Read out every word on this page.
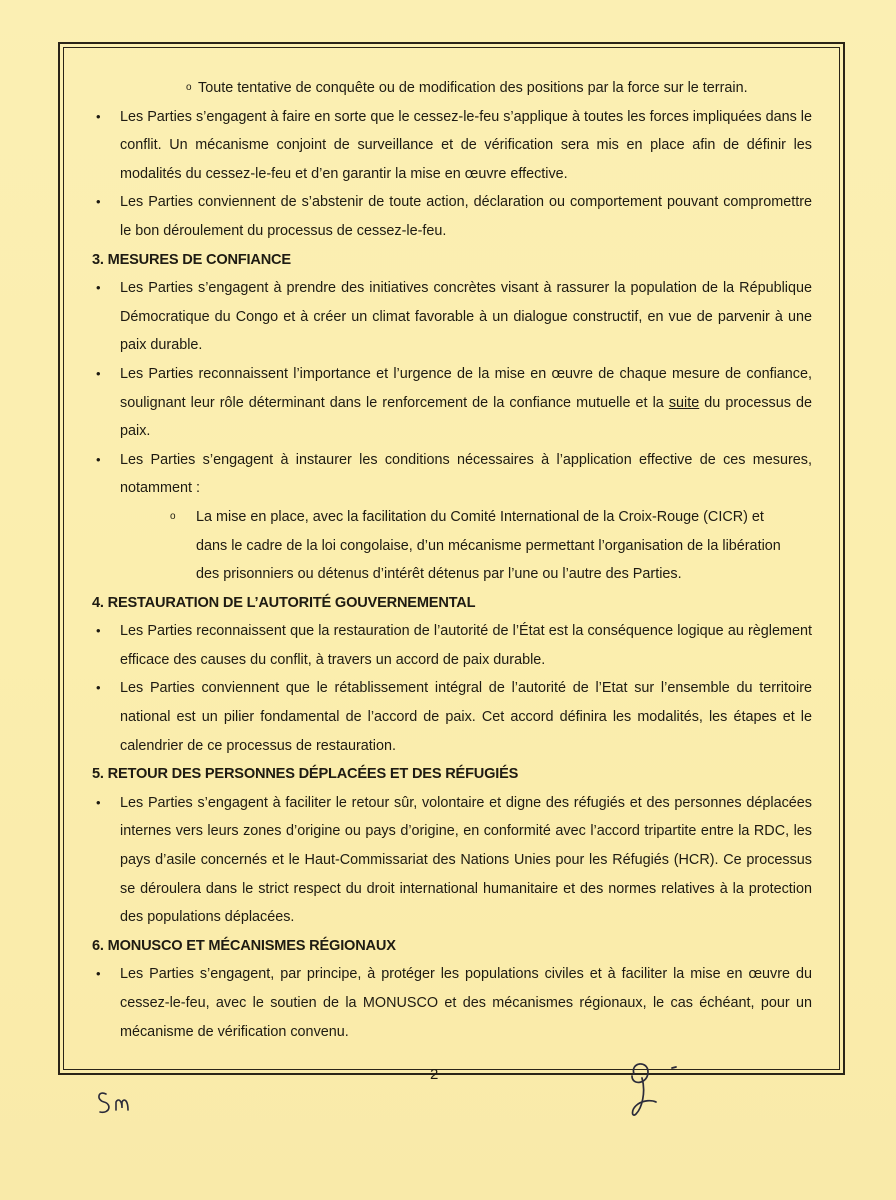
o Toute tentative de conquête ou de modification des positions par la force sur le terrain.
• Les Parties s’engagent à faire en sorte que le cessez-le-feu s’applique à toutes les forces impliquées dans le conflit. Un mécanisme conjoint de surveillance et de vérification sera mis en place afin de définir les modalités du cessez-le-feu et d’en garantir la mise en œuvre effective.
• Les Parties conviennent de s’abstenir de toute action, déclaration ou comportement pouvant compromettre le bon déroulement du processus de cessez-le-feu.
3. MESURES DE CONFIANCE
• Les Parties s’engagent à prendre des initiatives concrètes visant à rassurer la population de la République Démocratique du Congo et à créer un climat favorable à un dialogue constructif, en vue de parvenir à une paix durable.
• Les Parties reconnaissent l’importance et l’urgence de la mise en œuvre de chaque mesure de confiance, soulignant leur rôle déterminant dans le renforcement de la confiance mutuelle et la suite du processus de paix.
• Les Parties s’engagent à instaurer les conditions nécessaires à l’application effective de ces mesures, notamment :
o La mise en place, avec la facilitation du Comité International de la Croix-Rouge (CICR) et dans le cadre de la loi congolaise, d’un mécanisme permettant l’organisation de la libération des prisonniers ou détenus d’intérêt détenus par l’une ou l’autre des Parties.
4. RESTAURATION DE L’AUTORITÉ GOUVERNEMENTAL
• Les Parties reconnaissent que la restauration de l’autorité de l’État est la conséquence logique au règlement efficace des causes du conflit, à travers un accord de paix durable.
• Les Parties conviennent que le rétablissement intégral de l’autorité de l’Etat sur l’ensemble du territoire national est un pilier fondamental de l’accord de paix. Cet accord définira les modalités, les étapes et le calendrier de ce processus de restauration.
5. RETOUR DES PERSONNES DÉPLACÉES ET DES RÉFUGIÉS
• Les Parties s’engagent à faciliter le retour sûr, volontaire et digne des réfugiés et des personnes déplacées internes vers leurs zones d’origine ou pays d’origine, en conformité avec l’accord tripartite entre la RDC, les pays d’asile concernés et le Haut-Commissariat des Nations Unies pour les Réfugiés (HCR). Ce processus se déroulera dans le strict respect du droit international humanitaire et des normes relatives à la protection des populations déplacées.
6. MONUSCO ET MÉCANISMES RÉGIONAUX
• Les Parties s’engagent, par principe, à protéger les populations civiles et à faciliter la mise en œuvre du cessez-le-feu, avec le soutien de la MONUSCO et des mécanismes régionaux, le cas échéant, pour un mécanisme de vérification convenu.
2
